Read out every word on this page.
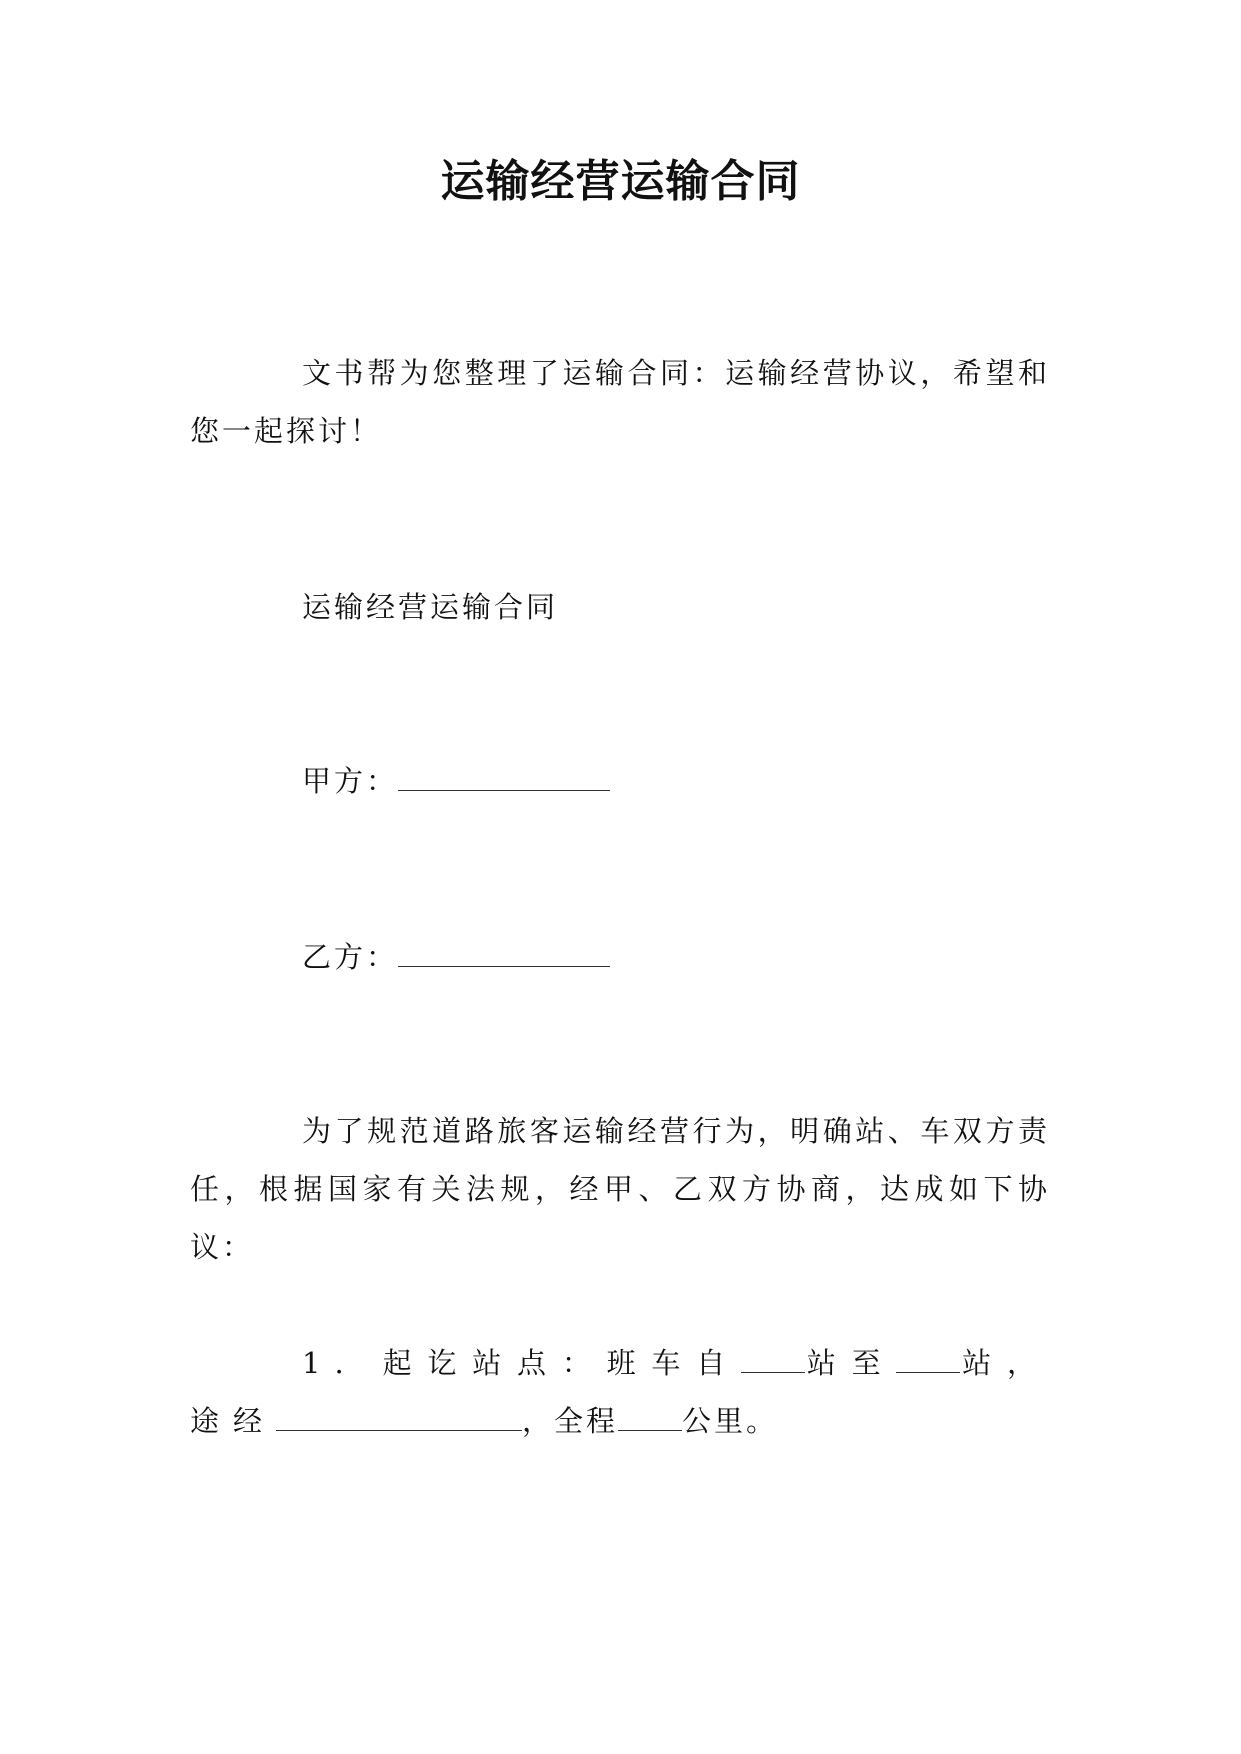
运输经营运输合同

文书帮为您整理了运输合同：运输经营协议，希望和您一起探讨！

运输经营运输合同

甲方：

乙方：

为了规范道路旅客运输经营行为，明确站、车双方责任，根据国家有关法规，经甲、乙双方协商，达成如下协议：

1. 起讫站点：班车自 站至 站，途经	，全程 公里。
